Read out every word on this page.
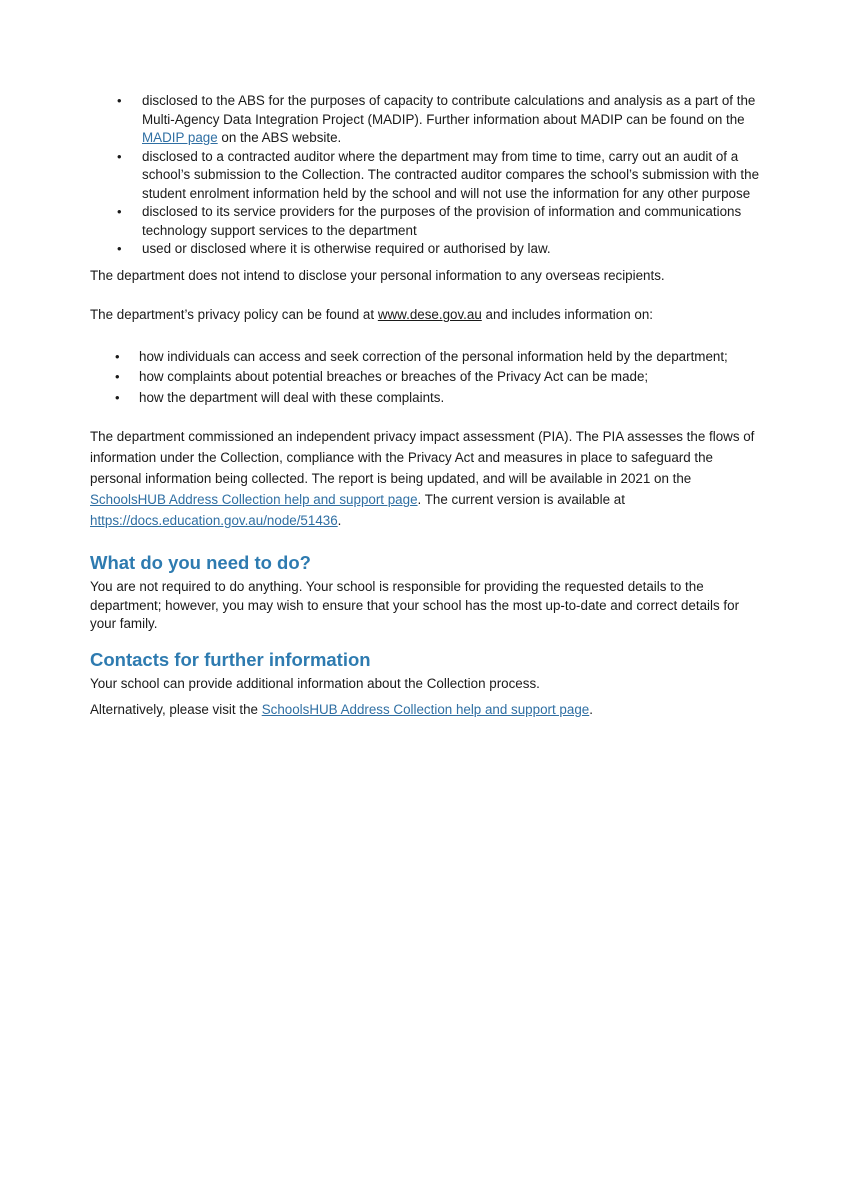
• disclosed to the ABS for the purposes of capacity to contribute calculations and analysis as a part of the Multi-Agency Data Integration Project (MADIP). Further information about MADIP can be found on the MADIP page on the ABS website.
• disclosed to a contracted auditor where the department may from time to time, carry out an audit of a school’s submission to the Collection. The contracted auditor compares the school’s submission with the student enrolment information held by the school and will not use the information for any other purpose
• disclosed to its service providers for the purposes of the provision of information and communications technology support services to the department
• used or disclosed where it is otherwise required or authorised by law.

The department does not intend to disclose your personal information to any overseas recipients.

The department’s privacy policy can be found at www.dese.gov.au and includes information on:

• how individuals can access and seek correction of the personal information held by the department;
• how complaints about potential breaches or breaches of the Privacy Act can be made;
• how the department will deal with these complaints.

The department commissioned an independent privacy impact assessment (PIA). The PIA assesses the flows of information under the Collection, compliance with the Privacy Act and measures in place to safeguard the personal information being collected. The report is being updated, and will be available in 2021 on the SchoolsHUB Address Collection help and support page. The current version is available at https://docs.education.gov.au/node/51436.

What do you need to do?

You are not required to do anything. Your school is responsible for providing the requested details to the department; however, you may wish to ensure that your school has the most up-to-date and correct details for your family.

Contacts for further information

Your school can provide additional information about the Collection process.

Alternatively, please visit the SchoolsHUB Address Collection help and support page.
